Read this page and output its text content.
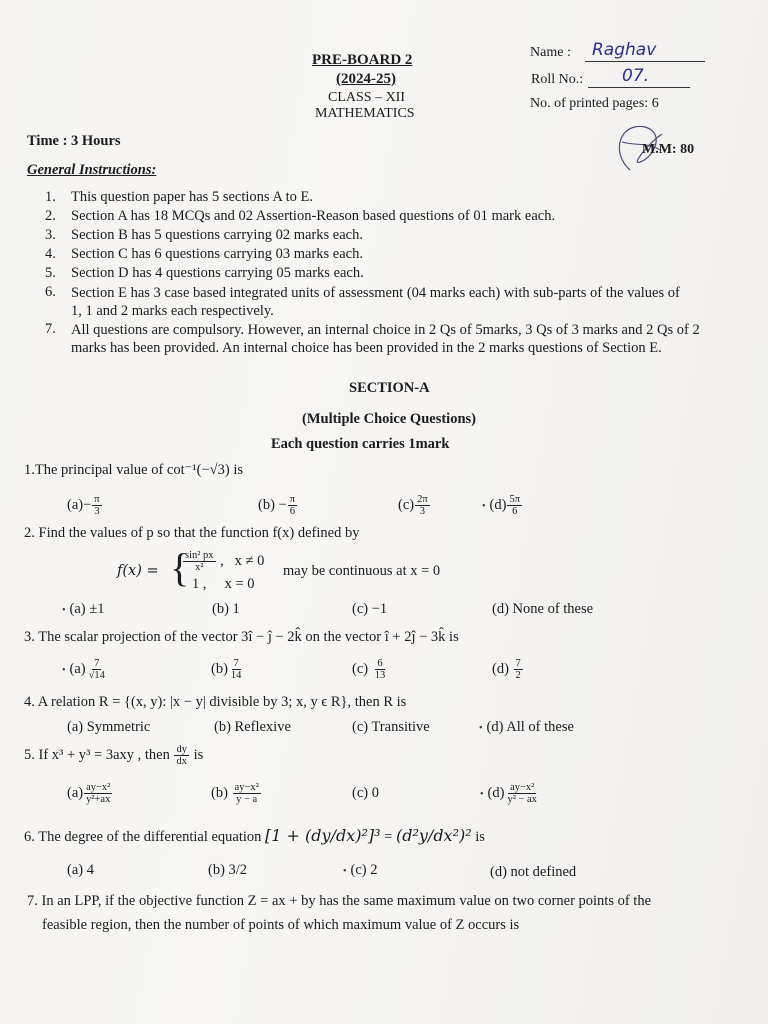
PRE-BOARD 2
(2024-25)
CLASS – XII
MATHEMATICS
Name : Raghav
Roll No.: 07.
No. of printed pages: 6
M.M: 80
Time : 3 Hours
General Instructions:
1. This question paper has 5 sections A to E.
2. Section A has 18 MCQs and 02 Assertion-Reason based questions of 01 mark each.
3. Section B has 5 questions carrying 02 marks each.
4. Section C has 6 questions carrying 03 marks each.
5. Section D has 4 questions carrying 05 marks each.
6. Section E has 3 case based integrated units of assessment (04 marks each) with sub-parts of the values of 1, 1 and 2 marks each respectively.
7. All questions are compulsory. However, an internal choice in 2 Qs of 5marks, 3 Qs of 3 marks and 2 Qs of 2 marks has been provided. An internal choice has been provided in the 2 marks questions of Section E.
SECTION-A
(Multiple Choice Questions)
Each question carries 1mark
1.The principal value of cot⁻¹(−√3) is
$(a)- \frac{\pi}{3}$	$(b) - \frac{\pi}{6}$	$(c) \frac{2\pi}{3}$	• $(d) \frac{5\pi}{6}$
2. Find the values of p so that the function f(x) defined by
f(x) = {
$\frac{\text{sin² px}}{\text{x²}}$ ,   x ≠ 0
1 , x = 0
may be continuous at x = 0
• (a) ±1	(b) 1	(c) −1	(d) None of these
3. The scalar projection of the vector 3î − ĵ − 2k̂ on the vector î + 2ĵ − 3k̂ is
• $(a) \frac{7}{√14}$	$(b) \frac{7}{14}$	$(c) \frac{6}{13}$	$(d) \frac{7}{2}$
4. A relation R = {(x, y): |x − y| divisible by 3; x, y ϵ R}, then R is
(a) Symmetric	(b) Reflexive	(c) Transitive	• (d) All of these
5. If x³ + y³ = 3axy , then $\frac{dy}{dx}$ is
$(a) \frac{\text{ay−x²}}{\text{y²+ax}}$	$(b) \frac{\text{ay−x²}}{y - a}$	(c) 0	• $(d) \frac{\text{ay−x²}}{\text{y² − ax}}$
6. The degree of the differential equation [1 + (dy/dx)²]³ = (d²y/dx²)² is
(a) 4	(b) 3/2	• (c) 2	(d) not defined
7. In an LPP, if the objective function Z = ax + by has the same maximum value on two corner points of the
feasible region, then the number of points of which maximum value of Z occurs is
